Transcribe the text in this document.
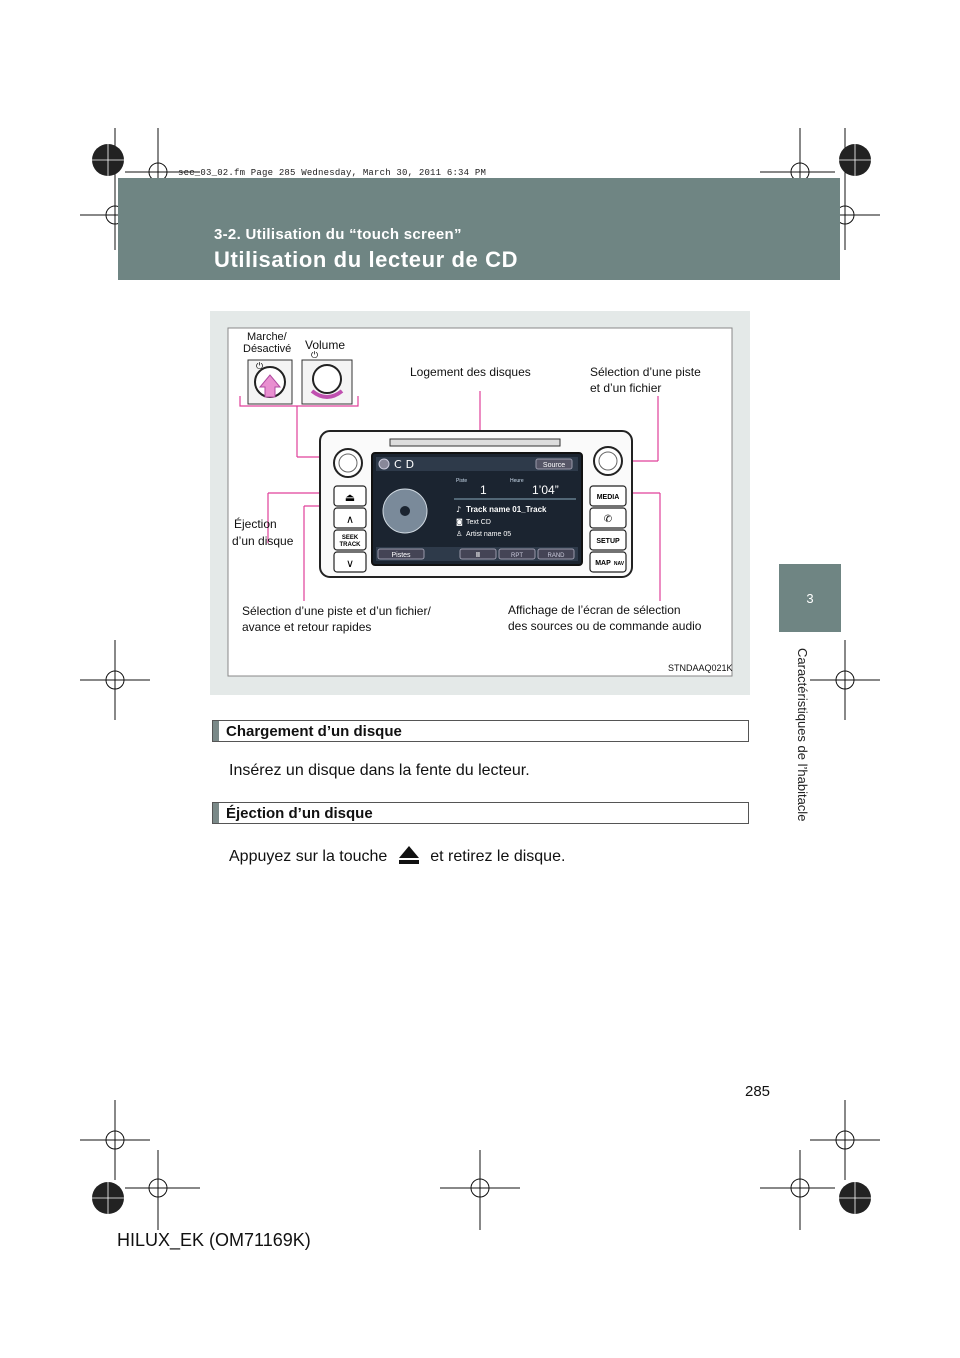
sec_03_02.fm Page 285 Wednesday, March 30, 2011 6:34 PM
3-2. Utilisation du “touch screen”
Utilisation du lecteur de CD
3
Caractéristiques de l’habitacle
⏻
⏻
⏏
∧
SEEK
TRACK
∨
MEDIA
✆
SETUP
MAP NAV
CD	Source
Piste	Heure
1	1’04”
♪ Track name 01_Track
◙ Text CD
♙ Artist name 05
Pistes	II	RPT	RAND
Marche/
Désactivé Volume
Logement des disques	Sélection d’une piste
et d’un fichier
Éjection
d’un disque
Sélection d’une piste et d’un fichier/
avance et retour rapides
Affichage de l’écran de sélection
des sources ou de commande audio
STNDAAQ021K
Chargement d’un disque
Insérez un disque dans la fente du lecteur.
Éjection d’un disque
Appuyez sur la touche	et retirez le disque.
285
HILUX_EK (OM71169K)
